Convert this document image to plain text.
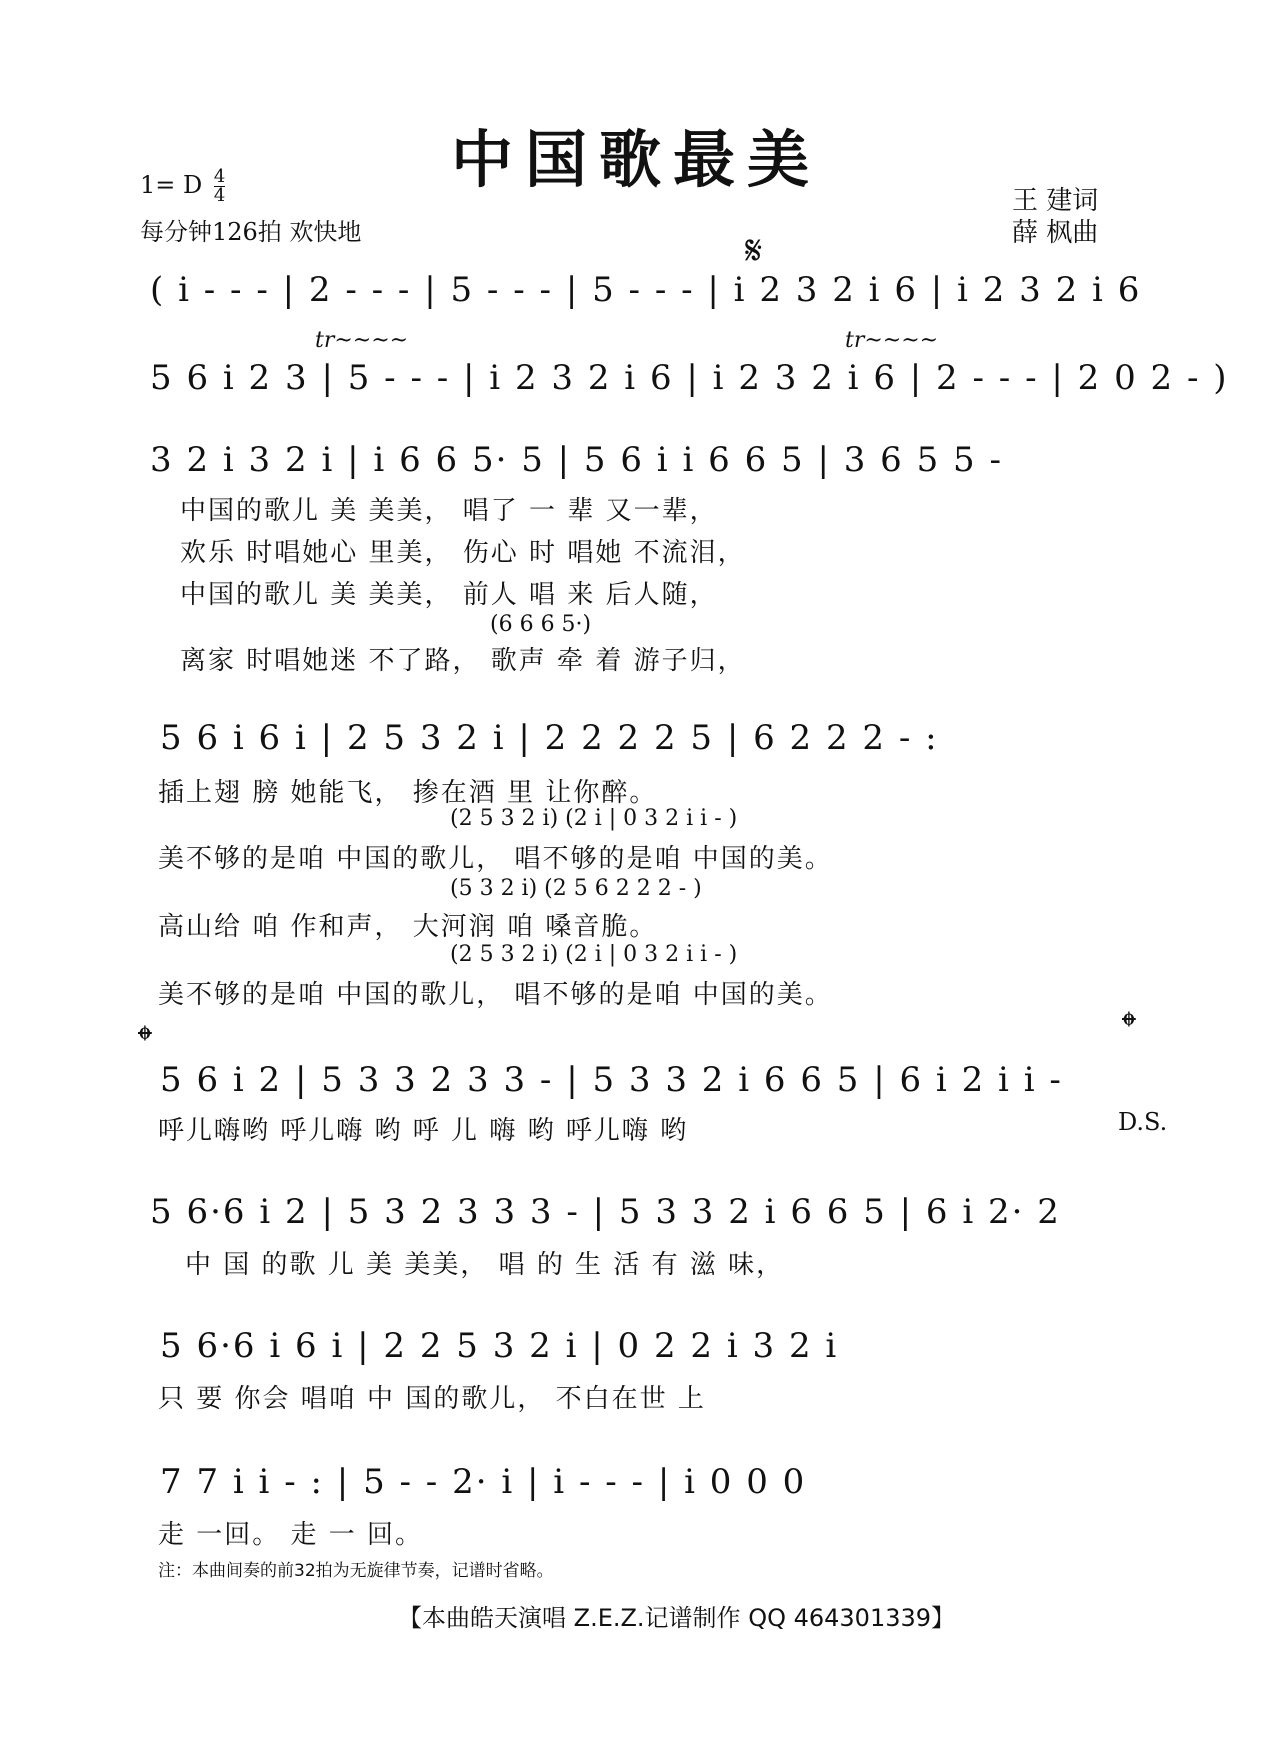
中国歌最美
1= D $\frac{4}{4}$
每分钟126拍 欢快地
王 建词
薛 枫曲
𝄋
( i - - - | 2 - - - | 5 - - - | 5 - - - | i 2 3 2 i 6 | i 2 3 2 i 6
tr~~~~	tr~~~~
5 6 i 2 3 | 5 - - - | i 2 3 2 i 6 | i 2 3 2 i 6 | 2 - - - | 2 0 2 - )
3 2 i 3 2 i | i 6 6 5· 5 | 5 6 i i 6 6 5 | 3 6 5 5 -
中国的歌儿 美 美美， 唱了 一 辈 又一辈，
欢乐 时唱她心 里美， 伤心 时 唱她 不流泪，
中国的歌儿 美 美美， 前人 唱 来 后人随，
(6 6 6 5·)
离家 时唱她迷 不了路， 歌声 牵 着 游子归，
5 6 i 6 i | 2 5 3 2 i | 2 2 2 2 5 | 6 2 2 2 - :
插上翅 膀 她能飞， 掺在酒 里 让你醉。
(2 5 3 2 i) (2 i | 0 3 2 i i - )
美不够的是咱 中国的歌儿， 唱不够的是咱 中国的美。
(5 3 2 i) (2 5 6 2 2 2 - )
高山给 咱 作和声， 大河润 咱 嗓音脆。
(2 5 3 2 i) (2 i | 0 3 2 i i - )
美不够的是咱 中国的歌儿， 唱不够的是咱 中国的美。
𝄌	𝄌
5 6 i 2 | 5 3 3 2 3 3 - | 5 3 3 2 i 6 6 5 | 6 i 2 i i -
呼儿嗨哟 呼儿嗨 哟 呼 儿 嗨 哟 呼儿嗨 哟	D.S.
5 6·6 i 2 | 5 3 2 3 3 3 - | 5 3 3 2 i 6 6 5 | 6 i 2· 2
中 国 的歌 儿 美 美美， 唱 的 生 活 有 滋 味，
5 6·6 i 6 i | 2 2 5 3 2 i | 0 2 2 i 3 2 i
只 要 你会 唱咱 中 国的歌儿， 不白在世 上
7 7 i i - : | 5 - - 2· i | i - - - | i 0 0 0
走 一回。 走 一 回。
注：本曲间奏的前32拍为无旋律节奏，记谱时省略。
【本曲皓天演唱 Z.E.Z.记谱制作 QQ 464301339】
